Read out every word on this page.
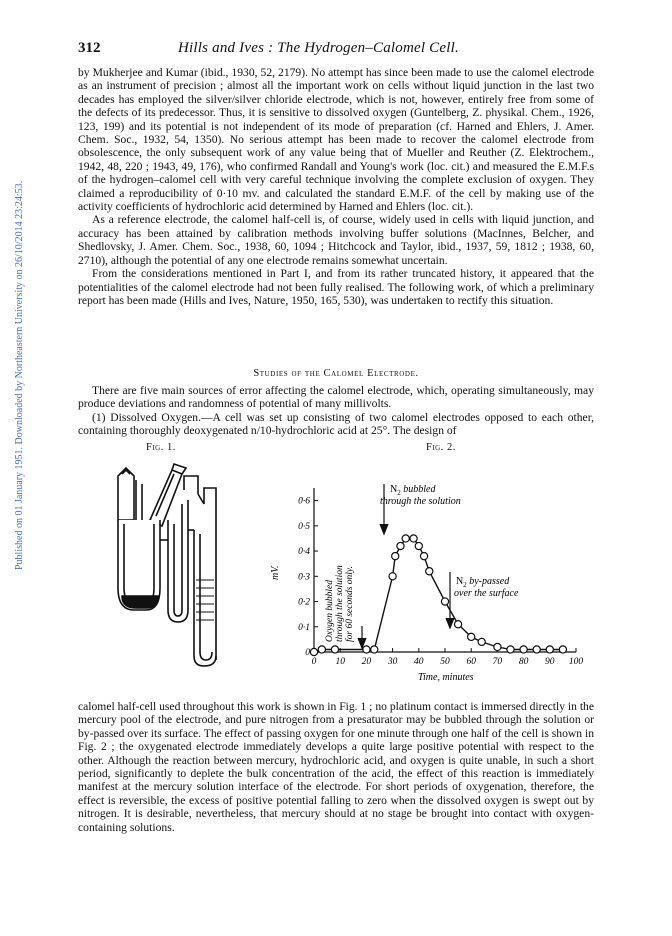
Published on 01 January 1951. Downloaded by Northeastern University on 26/10/2014 23:24:53.
312	Hills and Ives : The Hydrogen–Calomel Cell.

by Mukherjee and Kumar (ibid., 1930, 52, 2179). No attempt has since been made to use the calomel electrode as an instrument of precision ; almost all the important work on cells without liquid junction in the last two decades has employed the silver/silver chloride electrode, which is not, however, entirely free from some of the defects of its predecessor. Thus, it is sensitive to dissolved oxygen (Guntelberg, Z. physikal. Chem., 1926, 123, 199) and its potential is not independent of its mode of preparation (cf. Harned and Ehlers, J. Amer. Chem. Soc., 1932, 54, 1350). No serious attempt has been made to recover the calomel electrode from obsolescence, the only subsequent work of any value being that of Mueller and Reuther (Z. Elektrochem., 1942, 48, 220 ; 1943, 49, 176), who confirmed Randall and Young's work (loc. cit.) and measured the E.M.F.s of the hydrogen–calomel cell with very careful technique involving the complete exclusion of oxygen. They claimed a reproducibility of 0·10 mv. and calculated the standard E.M.F. of the cell by making use of the activity coefficients of hydrochloric acid determined by Harned and Ehlers (loc. cit.).

As a reference electrode, the calomel half-cell is, of course, widely used in cells with liquid junction, and accuracy has been attained by calibration methods involving buffer solutions (MacInnes, Belcher, and Shedlovsky, J. Amer. Chem. Soc., 1938, 60, 1094 ; Hitchcock and Taylor, ibid., 1937, 59, 1812 ; 1938, 60, 2710), although the potential of any one electrode remains somewhat uncertain.

From the considerations mentioned in Part I, and from its rather truncated history, it appeared that the potentialities of the calomel electrode had not been fully realised. The following work, of which a preliminary report has been made (Hills and Ives, Nature, 1950, 165, 530), was undertaken to rectify this situation.

Studies of the Calomel Electrode.

There are five main sources of error affecting the calomel electrode, which, operating simultaneously, may produce deviations and randomness of potential of many millivolts.

(1) Dissolved Oxygen.—A cell was set up consisting of two calomel electrodes opposed to each other, containing thoroughly deoxygenated n/10-hydrochloric acid at 25°. The design of

Fig. 1.	Fig. 2.
0 10 20 30 40 50 60 70 80 90 100
0
0·1
0·2
0·3
0·4
0·5
0·6
mV.
Oxygen bubbled through the solution for 60 seconds only.
$N_2$ bubbled
through the solution
$N_2$ by-passed
over the surface
Time, minutes

calomel half-cell used throughout this work is shown in Fig. 1 ; no platinum contact is immersed directly in the mercury pool of the electrode, and pure nitrogen from a presaturator may be bubbled through the solution or by-passed over its surface. The effect of passing oxygen for one minute through one half of the cell is shown in Fig. 2 ; the oxygenated electrode immediately develops a quite large positive potential with respect to the other. Although the reaction between mercury, hydrochloric acid, and oxygen is quite unable, in such a short period, significantly to deplete the bulk concentration of the acid, the effect of this reaction is immediately manifest at the mercury solution interface of the electrode. For short periods of oxygenation, therefore, the effect is reversible, the excess of positive potential falling to zero when the dissolved oxygen is swept out by nitrogen. It is desirable, nevertheless, that mercury should at no stage be brought into contact with oxygen-containing solutions.
